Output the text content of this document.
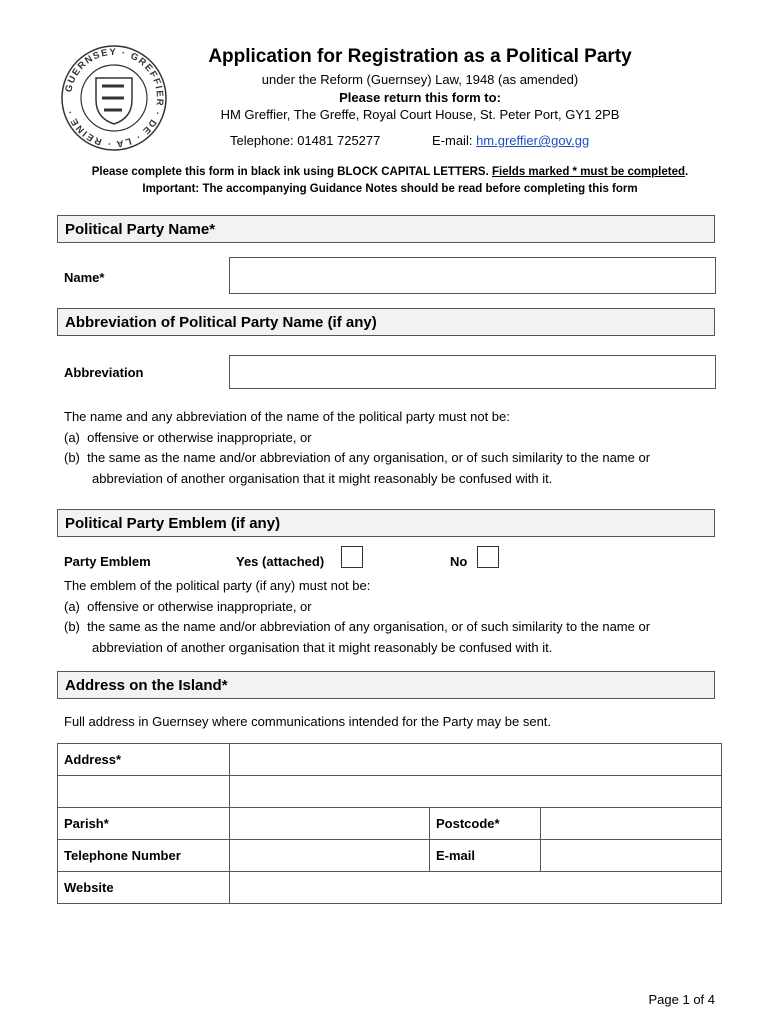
GUERNSEY · GREFFIER · DE · LA · REINE ·
Application for Registration as a Political Party
under the Reform (Guernsey) Law, 1948 (as amended)
Please return this form to:
HM Greffier, The Greffe, Royal Court House, St. Peter Port, GY1 2PB
Telephone: 01481 725277	E-mail: hm.greffier@gov.gg
Please complete this form in black ink using BLOCK CAPITAL LETTERS. Fields marked * must be completed.
Important: The accompanying Guidance Notes should be read before completing this form
Political Party Name*
Name*
Abbreviation of Political Party Name (if any)
Abbreviation
The name and any abbreviation of the name of the political party must not be:
(a)  offensive or otherwise inappropriate, or
(b)  the same as the name and/or abbreviation of any organisation, or of such similarity to the name or abbreviation of another organisation that it might reasonably be confused with it.
Political Party Emblem (if any)
Party Emblem	Yes (attached)	No
The emblem of the political party (if any) must not be:
(a)  offensive or otherwise inappropriate, or
(b)  the same as the name and/or abbreviation of any organisation, or of such similarity to the name or abbreviation of another organisation that it might reasonably be confused with it.
Address on the Island*
Full address in Guernsey where communications intended for the Party may be sent.
Address*			

Parish*		Postcode*	
Telephone Number		E-mail	
Website			
Page 1 of 4
